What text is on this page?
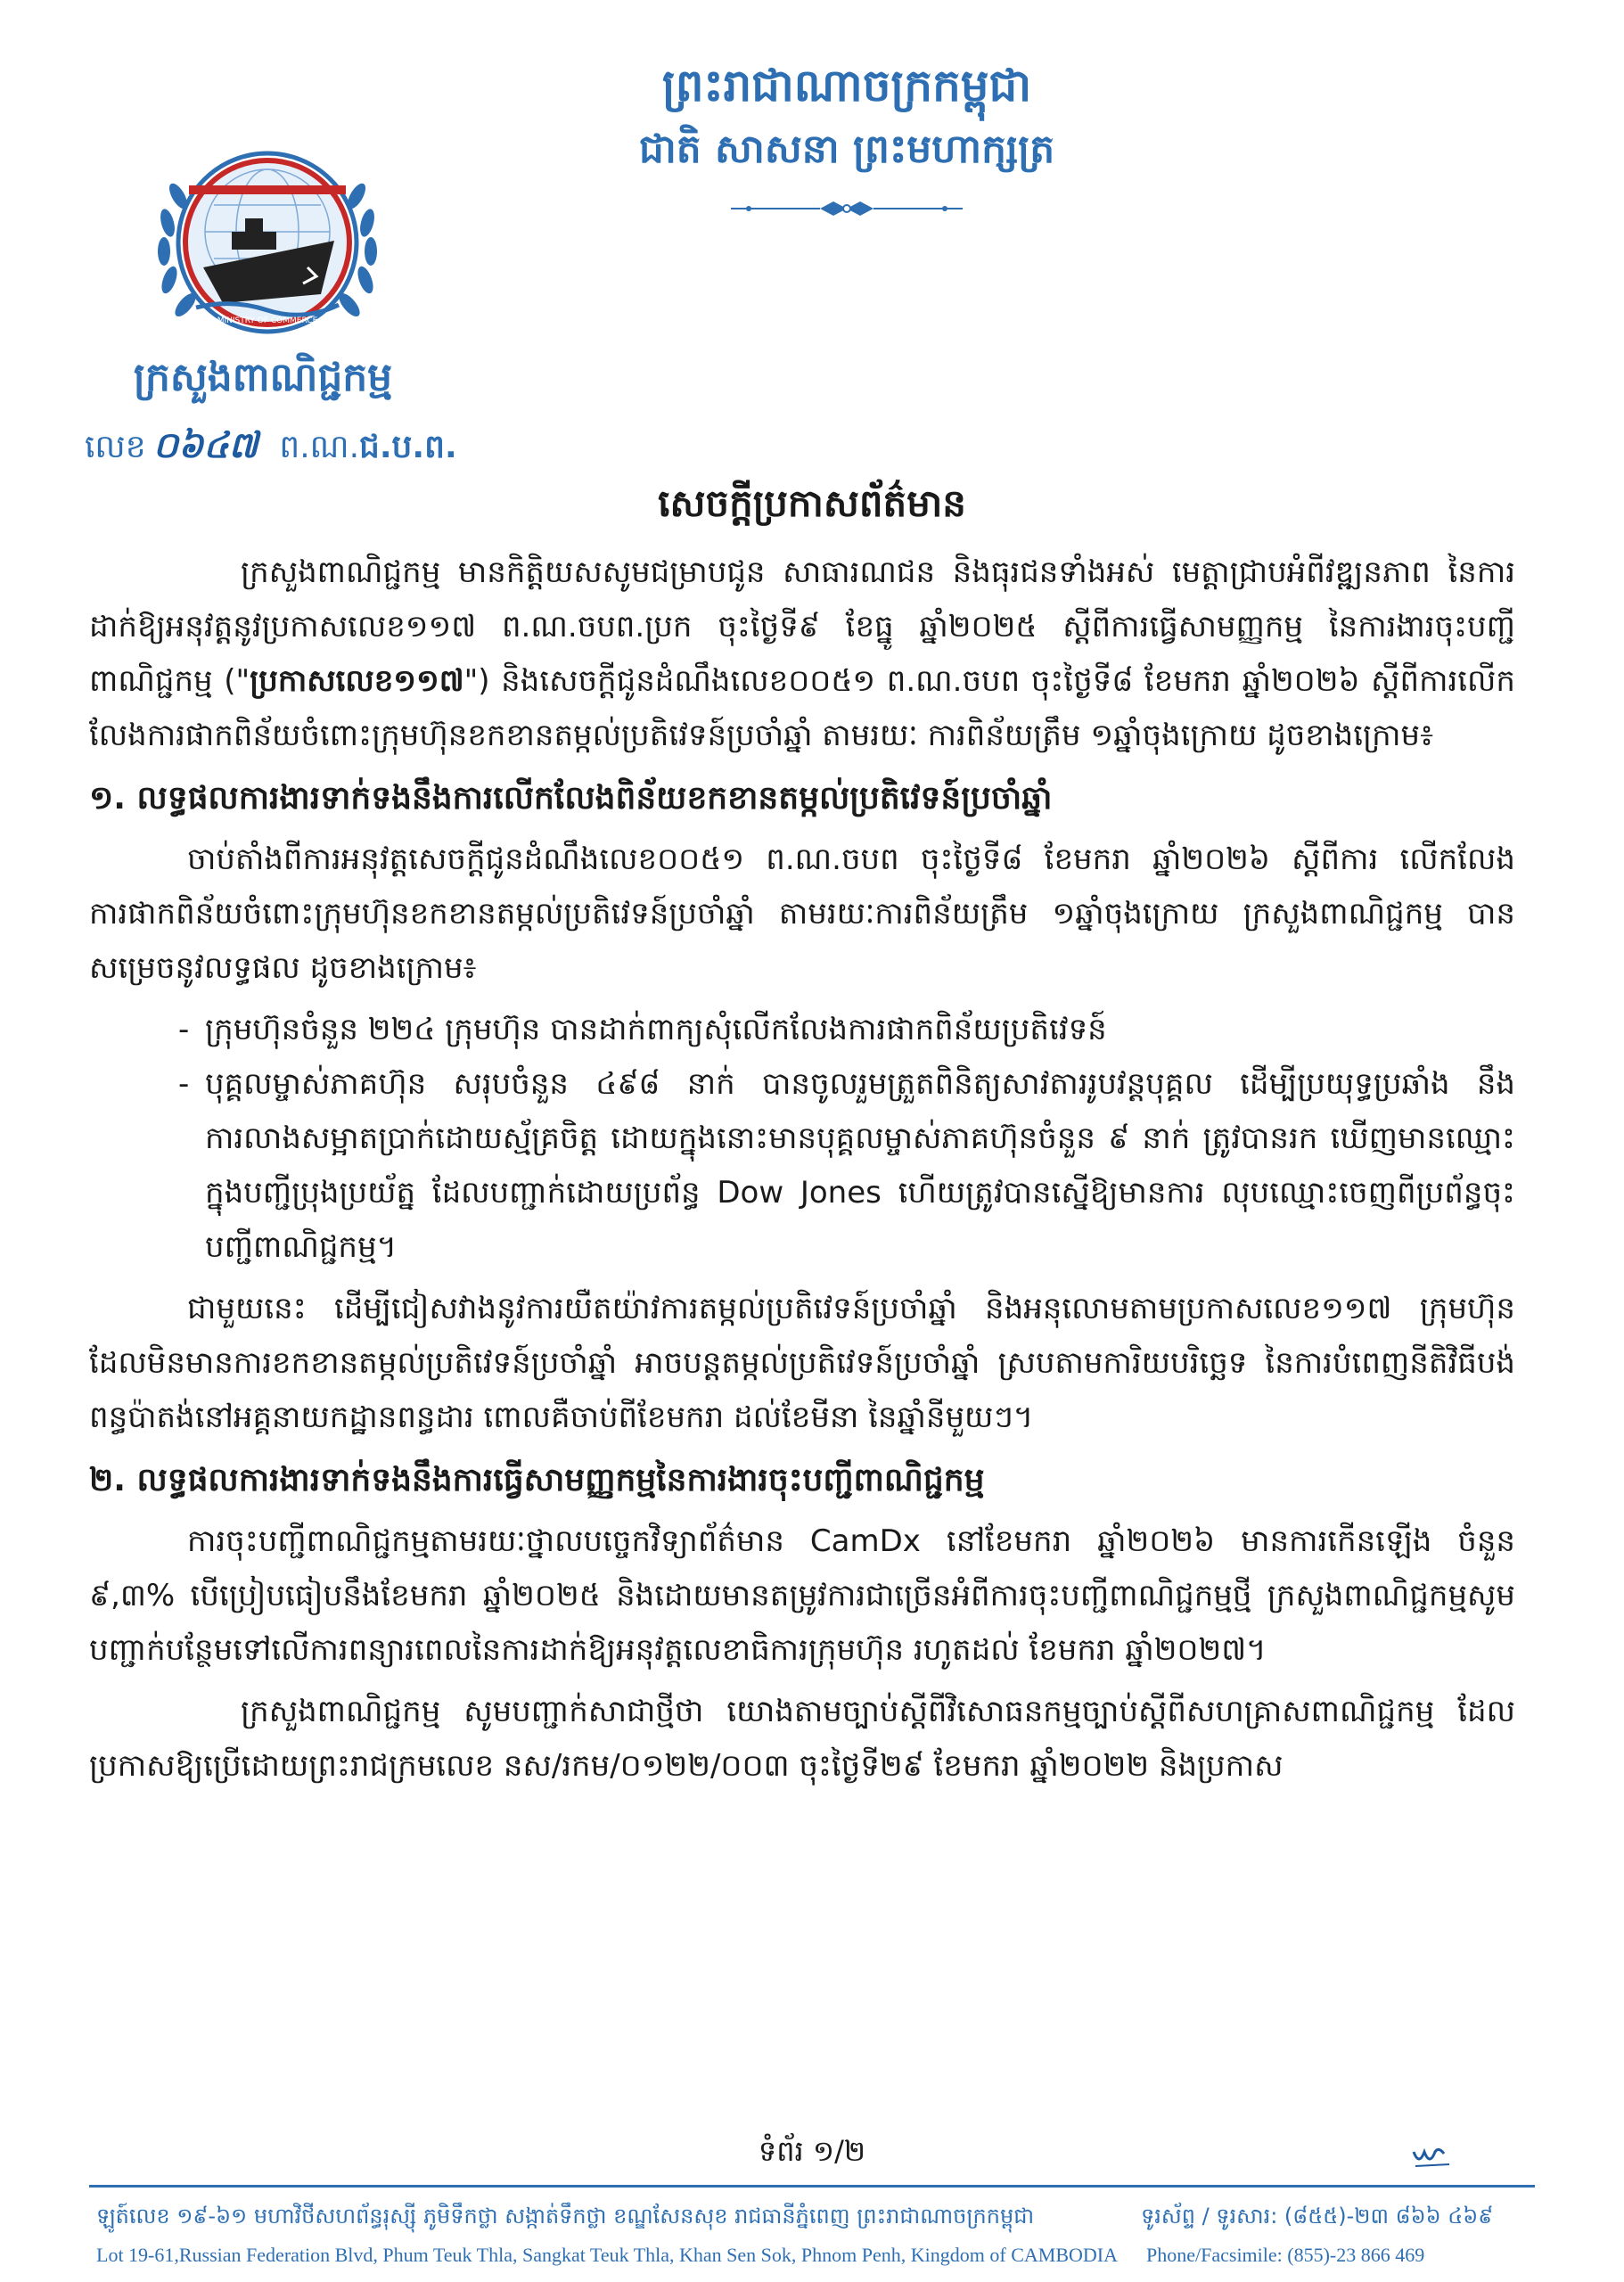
ព្រះរាជាណាចក្រកម្ពុជា
ជាតិ សាសនា ព្រះមហាក្សត្រ
MINISTRY OF COMMERCE
ក្រសួងពាណិជ្ជកម្ម
លេខ ០៦៤៧ ព.ណ.ជ.ប.ព.
សេចក្តីប្រកាសព័ត៌មាន

ក្រសួងពាណិជ្ជកម្ម មានកិត្តិយសសូមជម្រាបជូន សាធារណជន និងធុរជនទាំងអស់ មេត្តាជ្រាបអំពីវឌ្ឍនភាព នៃការដាក់ឱ្យអនុវត្តនូវប្រកាសលេខ១១៧ ព.ណ.ចបព.ប្រក ចុះថ្ងៃទី៩ ខែធ្នូ ឆ្នាំ២០២៥ ស្តីពីការធ្វើសាមញ្ញកម្ម នៃការងារចុះបញ្ជីពាណិជ្ជកម្ម ("ប្រកាសលេខ១១៧") និងសេចក្តីជូនដំណឹងលេខ០០៥១ ព.ណ.ចបព ចុះថ្ងៃទី៨ ខែមករា ឆ្នាំ២០២៦ ស្តីពីការលើកលែងការផាកពិន័យចំពោះក្រុមហ៊ុនខកខានតម្កល់ប្រតិវេទន៍ប្រចាំឆ្នាំ តាមរយៈ ការពិន័យត្រឹម ១ឆ្នាំចុងក្រោយ ដូចខាងក្រោម៖

១. លទ្ធផលការងារទាក់ទងនឹងការលើកលែងពិន័យខកខានតម្កល់ប្រតិវេទន៍ប្រចាំឆ្នាំ

ចាប់តាំងពីការអនុវត្តសេចក្តីជូនដំណឹងលេខ០០៥១ ព.ណ.ចបព ចុះថ្ងៃទី៨ ខែមករា ឆ្នាំ២០២៦ ស្តីពីការ លើកលែងការផាកពិន័យចំពោះក្រុមហ៊ុនខកខានតម្កល់ប្រតិវេទន៍ប្រចាំឆ្នាំ តាមរយៈការពិន័យត្រឹម ១ឆ្នាំចុងក្រោយ ក្រសួងពាណិជ្ជកម្ម បានសម្រេចនូវលទ្ធផល ដូចខាងក្រោម៖

- ក្រុមហ៊ុនចំនួន ២២៤ ក្រុមហ៊ុន បានដាក់ពាក្យសុំលើកលែងការផាកពិន័យប្រតិវេទន៍
- បុគ្គលម្ចាស់ភាគហ៊ុន សរុបចំនួន ៤៩៨ នាក់ បានចូលរួមត្រួតពិនិត្យសាវតាររូបវន្តបុគ្គល ដើម្បីប្រយុទ្ធប្រឆាំង នឹងការលាងសម្អាតប្រាក់ដោយស្ម័គ្រចិត្ត ដោយក្នុងនោះមានបុគ្គលម្ចាស់ភាគហ៊ុនចំនួន ៩ នាក់ ត្រូវបានរក ឃើញមានឈ្មោះក្នុងបញ្ជីប្រុងប្រយ័ត្ន ដែលបញ្ជាក់ដោយប្រព័ន្ធ Dow Jones ហើយត្រូវបានស្នើឱ្យមានការ លុបឈ្មោះចេញពីប្រព័ន្ធចុះបញ្ជីពាណិជ្ជកម្ម។

ជាមួយនេះ ដើម្បីជៀសវាងនូវការយឺតយ៉ាវការតម្កល់ប្រតិវេទន៍ប្រចាំឆ្នាំ និងអនុលោមតាមប្រកាសលេខ១១៧ ក្រុមហ៊ុនដែលមិនមានការខកខានតម្កល់ប្រតិវេទន៍ប្រចាំឆ្នាំ អាចបន្តតម្កល់ប្រតិវេទន៍ប្រចាំឆ្នាំ ស្របតាមការិយបរិច្ឆេទ នៃការបំពេញនីតិវិធីបង់ពន្ធប៉ាតង់នៅអគ្គនាយកដ្ឋានពន្ធដារ ពោលគឺចាប់ពីខែមករា ដល់ខែមីនា នៃឆ្នាំនីមួយៗ។

២. លទ្ធផលការងារទាក់ទងនឹងការធ្វើសាមញ្ញកម្មនៃការងារចុះបញ្ជីពាណិជ្ជកម្ម

ការចុះបញ្ជីពាណិជ្ជកម្មតាមរយៈថ្នាលបច្ចេកវិទ្យាព័ត៌មាន CamDx នៅខែមករា ឆ្នាំ២០២៦ មានការកើនឡើង ចំនួន ៩,៣% បើប្រៀបធៀបនឹងខែមករា ឆ្នាំ២០២៥ និងដោយមានតម្រូវការជាច្រើនអំពីការចុះបញ្ជីពាណិជ្ជកម្មថ្មី ក្រសួងពាណិជ្ជកម្មសូមបញ្ជាក់បន្ថែមទៅលើការពន្យារពេលនៃការដាក់ឱ្យអនុវត្តលេខាធិការក្រុមហ៊ុន រហូតដល់ ខែមករា ឆ្នាំ២០២៧។

ក្រសួងពាណិជ្ជកម្ម សូមបញ្ជាក់សាជាថ្មីថា យោងតាមច្បាប់ស្តីពីវិសោធនកម្មច្បាប់ស្តីពីសហគ្រាសពាណិជ្ជកម្ម ដែលប្រកាសឱ្យប្រើដោយព្រះរាជក្រមលេខ នស/រកម/០១២២/០០៣ ចុះថ្ងៃទី២៩ ខែមករា ឆ្នាំ២០២២ និងប្រកាស

ទំព័រ ១/២
ឡូត៍លេខ ១៩-៦១ មហាវិថីសហព័ន្ធរុស្ស៊ី ភូមិទឹកថ្លា សង្កាត់ទឹកថ្លា ខណ្ឌសែនសុខ រាជធានីភ្នំពេញ ព្រះរាជាណាចក្រកម្ពុជា	ទូរស័ព្ទ / ទូរសារ: (៨៥៥)-២៣ ៨៦៦ ៤៦៩
Lot 19-61,Russian Federation Blvd, Phum Teuk Thla, Sangkat Teuk Thla, Khan Sen Sok, Phnom Penh, Kingdom of CAMBODIA Phone/Facsimile: (855)-23 866 469
